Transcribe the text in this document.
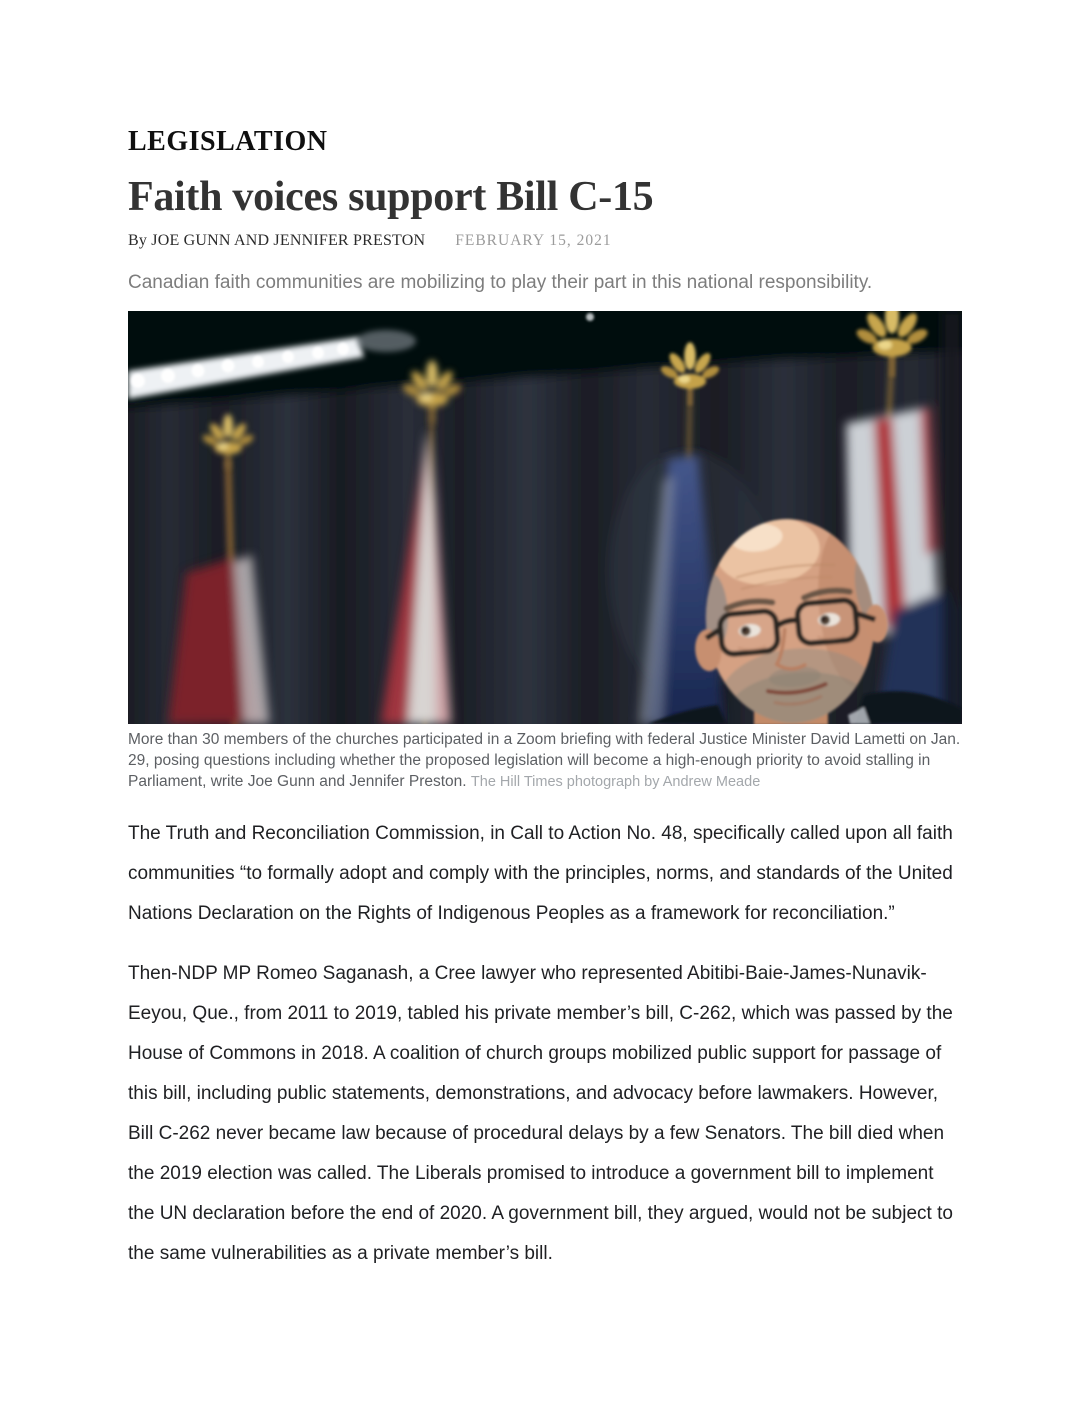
LEGISLATION
Faith voices support Bill C-15
By JOE GUNN AND JENNIFER PRESTON FEBRUARY 15, 2021

Canadian faith communities are mobilizing to play their part in this national responsibility.

More than 30 members of the churches participated in a Zoom briefing with federal Justice Minister David Lametti on Jan. 29, posing questions including whether the proposed legislation will become a high-enough priority to avoid stalling in Parliament, write Joe Gunn and Jennifer Preston. The Hill Times photograph by Andrew Meade

The Truth and Reconciliation Commission, in Call to Action No. 48, specifically called upon all faith communities “to formally adopt and comply with the principles, norms, and standards of the United Nations Declaration on the Rights of Indigenous Peoples as a framework for reconciliation.”

Then-NDP MP Romeo Saganash, a Cree lawyer who represented Abitibi-Baie-James-Nunavik-Eeyou, Que., from 2011 to 2019, tabled his private member’s bill, C-262, which was passed by the House of Commons in 2018. A coalition of church groups mobilized public support for passage of this bill, including public statements, demonstrations, and advocacy before lawmakers. However, Bill C-262 never became law because of procedural delays by a few Senators. The bill died when the 2019 election was called. The Liberals promised to introduce a government bill to implement the UN declaration before the end of 2020. A government bill, they argued, would not be subject to the same vulnerabilities as a private member’s bill.
